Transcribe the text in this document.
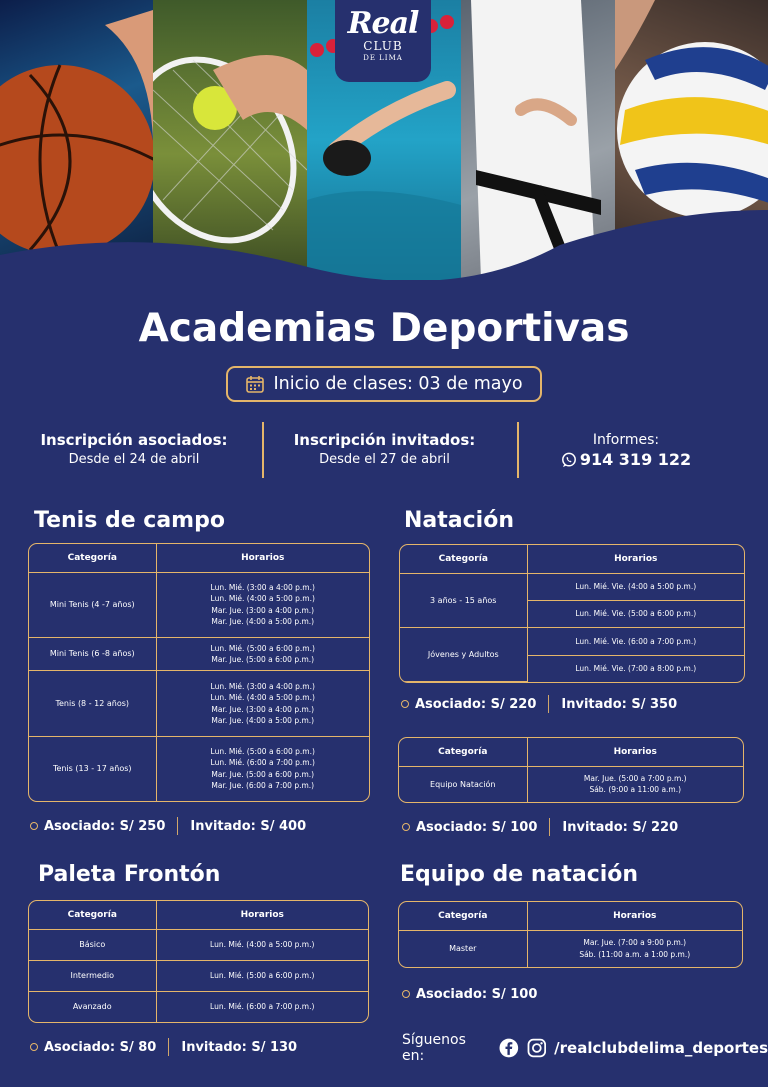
Real
CLUB
DE LIMA
Academias Deportivas
Inicio de clases: 03 de mayo
Inscripción asociados:
Desde el 24 de abril
Inscripción invitados:
Desde el 27 de abril
Informes:
914 319 122
Tenis de campo
Categoría	Horarios
Mini Tenis (4 -7 años)	Lun. Mié. (3:00 a 4:00 p.m.)
Lun. Mié. (4:00 a 5:00 p.m.)
Mar. Jue. (3:00 a 4:00 p.m.)
Mar. Jue. (4:00 a 5:00 p.m.)

Mini Tenis (6 -8 años)	Lun. Mié. (5:00 a 6:00 p.m.)
Mar. Jue. (5:00 a 6:00 p.m.)

Tenis (8 - 12 años)	Lun. Mié. (3:00 a 4:00 p.m.)
Lun. Mié. (4:00 a 5:00 p.m.)
Mar. Jue. (3:00 a 4:00 p.m.)
Mar. Jue. (4:00 a 5:00 p.m.)

Tenis (13 - 17 años)	Lun. Mié. (5:00 a 6:00 p.m.)
Lun. Mié. (6:00 a 7:00 p.m.)
Mar. Jue. (5:00 a 6:00 p.m.)
Mar. Jue. (6:00 a 7:00 p.m.)
Asociado: S/ 250 Invitado: S/ 400
Natación
Categoría	Horarios
3 años - 15 años	Lun. Mié. Vie. (4:00 a 5:00 p.m.)
	Lun. Mié. Vie. (5:00 a 6:00 p.m.)
Jóvenes y Adultos	Lun. Mié. Vie. (6:00 a 7:00 p.m.)
	Lun. Mié. Vie. (7:00 a 8:00 p.m.)
Asociado: S/ 220 Invitado: S/ 350
Categoría	Horarios
Equipo Natación	Mar. Jue. (5:00 a 7:00 p.m.)
Sáb. (9:00 a 11:00 a.m.)
Asociado: S/ 100 Invitado: S/ 220
Paleta Frontón
Categoría	Horarios
Básico	Lun. Mié. (4:00 a 5:00 p.m.)
Intermedio	Lun. Mié. (5:00 a 6:00 p.m.)
Avanzado	Lun. Mié. (6:00 a 7:00 p.m.)
Asociado: S/ 80 Invitado: S/ 130
Equipo de natación
Categoría	Horarios
Master	Mar. Jue. (7:00 a 9:00 p.m.)
Sáb. (11:00 a.m. a 1:00 p.m.)
Asociado: S/ 100
Síguenos en:	/realclubdelima_deportes
